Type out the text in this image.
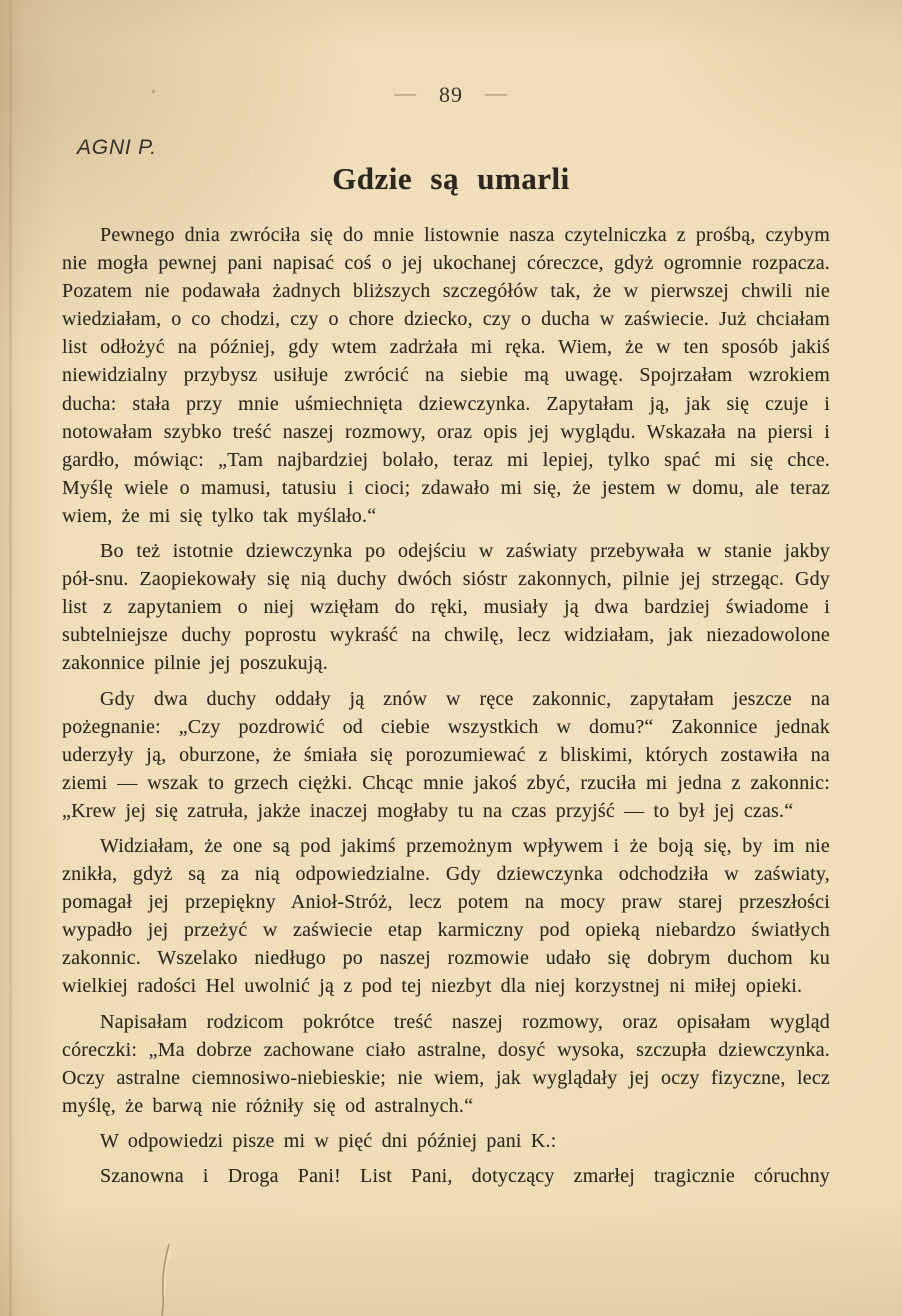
— 89 —
AGNI P.
Gdzie są umarli

Pewnego dnia zwróciła się do mnie listownie nasza czytelniczka z prośbą, czybym nie mogła pewnej pani napisać coś o jej ukochanej córeczce, gdyż ogromnie rozpacza. Pozatem nie podawała żadnych bliższych szczegółów tak, że w pierwszej chwili nie wiedziałam, o co chodzi, czy o chore dziecko, czy o ducha w zaświecie. Już chciałam list odłożyć na później, gdy wtem zadrżała mi ręka. Wiem, że w ten sposób jakiś niewidzialny przybysz usiłuje zwrócić na siebie mą uwagę. Spojrzałam wzrokiem ducha: stała przy mnie uśmiechnięta dziewczynka. Zapytałam ją, jak się czuje i notowałam szybko treść naszej rozmowy, oraz opis jej wyglądu. Wskazała na piersi i gardło, mówiąc: „Tam najbardziej bolało, teraz mi lepiej, tylko spać mi się chce. Myślę wiele o mamusi, tatusiu i cioci; zdawało mi się, że jestem w domu, ale teraz wiem, że mi się tylko tak myślało.“

Bo też istotnie dziewczynka po odejściu w zaświaty przebywała w stanie jakby pół-snu. Zaopiekowały się nią duchy dwóch sióstr zakonnych, pilnie jej strzegąc. Gdy list z zapytaniem o niej wzięłam do ręki, musiały ją dwa bardziej świadome i subtelniejsze duchy poprostu wykraść na chwilę, lecz widziałam, jak niezadowolone zakonnice pilnie jej poszukują.

Gdy dwa duchy oddały ją znów w ręce zakonnic, zapytałam jeszcze na pożegnanie: „Czy pozdrowić od ciebie wszystkich w domu?“ Zakonnice jednak uderzyły ją, oburzone, że śmiała się porozumiewać z bliskimi, których zostawiła na ziemi — wszak to grzech ciężki. Chcąc mnie jakoś zbyć, rzuciła mi jedna z zakonnic: „Krew jej się zatruła, jakże inaczej mogłaby tu na czas przyjść — to był jej czas.“

Widziałam, że one są pod jakimś przemożnym wpływem i że boją się, by im nie znikła, gdyż są za nią odpowiedzialne. Gdy dziewczynka odchodziła w zaświaty, pomagał jej przepiękny Anioł-Stróż, lecz potem na mocy praw starej przeszłości wypadło jej przeżyć w zaświecie etap karmiczny pod opieką niebardzo światłych zakonnic. Wszelako niedługo po naszej rozmowie udało się dobrym duchom ku wielkiej radości Hel uwolnić ją z pod tej niezbyt dla niej korzystnej ni miłej opieki.

Napisałam rodzicom pokrótce treść naszej rozmowy, oraz opisałam wygląd córeczki: „Ma dobrze zachowane ciało astralne, dosyć wysoka, szczupła dziewczynka. Oczy astralne ciemnosiwo-niebieskie; nie wiem, jak wyglądały jej oczy fizyczne, lecz myślę, że barwą nie różniły się od astralnych.“

W odpowiedzi pisze mi w pięć dni później pani K.:

Szanowna i Droga Pani! List Pani, dotyczący zmarłej tragicznie córuchny
